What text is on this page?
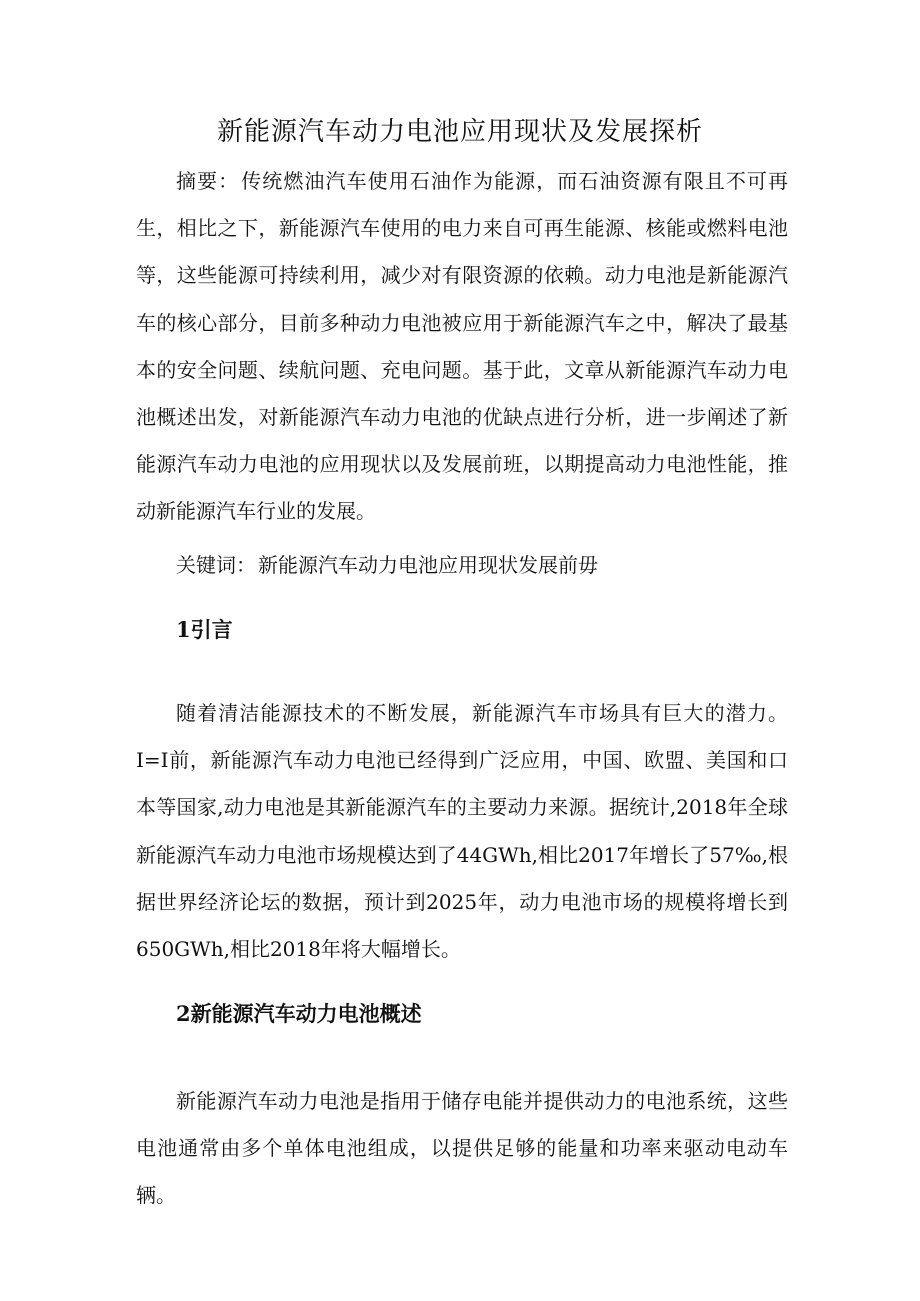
新能源汽车动力电池应用现状及发展探析

摘要： 传统燃油汽车使用石油作为能源，而石油资源有限且不可再生，相比之下，新能源汽车使用的电力来自可再生能源、核能或燃料电池等，这些能源可持续利用，减少对有限资源的依赖。动力电池是新能源汽车的核心部分，目前多种动力电池被应用于新能源汽车之中，解决了最基本的安全问题、续航问题、充电问题。基于此，文章从新能源汽车动力电池概述出发，对新能源汽车动力电池的优缺点进行分析，进一步阐述了新能源汽车动力电池的应用现状以及发展前班，以期提高动力电池性能，推动新能源汽车行业的发展。

关键词： 新能源汽车动力电池应用现状发展前毋

1引言

随着清洁能源技术的不断发展，新能源汽车市场具有巨大的潜力。I=I前，新能源汽车动力电池已经得到广泛应用，中国、欧盟、美国和口本等国家,动力电池是其新能源汽车的主要动力来源。据统计,2018年全球新能源汽车动力电池市场规模达到了44GWh,相比2017年增长了57‰,根据世界经济论坛的数据，预计到2025年，动力电池市场的规模将增长到650GWh,相比2018年将大幅增长。

2新能源汽车动力电池概述

新能源汽车动力电池是指用于储存电能并提供动力的电池系统，这些电池通常由多个单体电池组成，以提供足够的能量和功率来驱动电动车辆。
